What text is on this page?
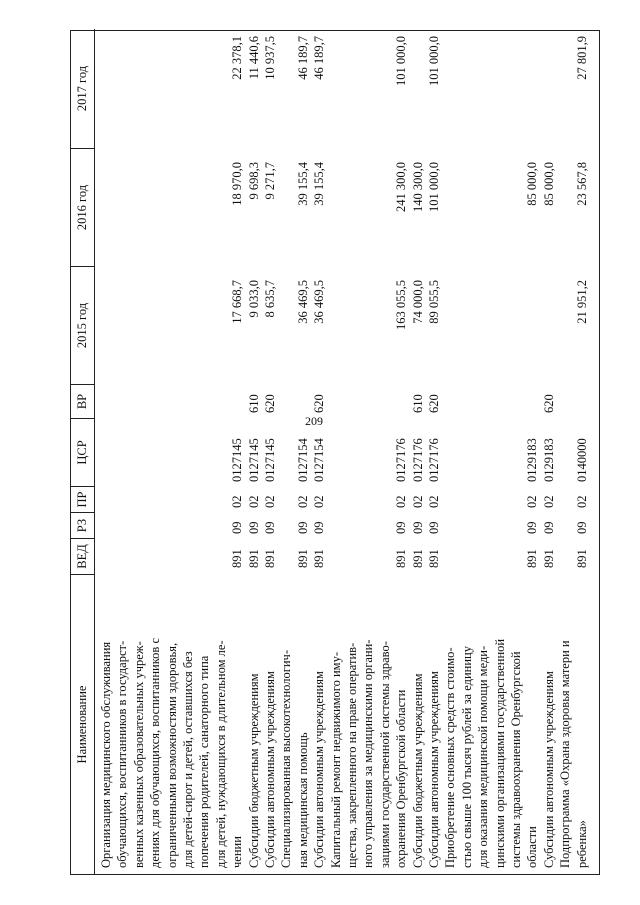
209
Наименование
ВЕД
РЗ
ПР
ЦСР
ВР
2015 год
2016 год
2017 год
Организация медицинского обслуживания обучающихся, воспитанников в государст- венных казенных образовательных учреж- дениях для обучающихся, воспитанников с ограниченными возможностями здоровья, для детей-сирот и детей, оставшихся без попечения родителей, санаторного типа для детей, нуждающихся в длительном ле- чении
891
09
02
0127145
17 668,7
18 970,0
22 378,1
Субсидии бюджетным учреждениям
891
09
02
0127145
610
9 033,0
9 698,3
11 440,6
Субсидии автономным учреждениям
891
09
02
0127145
620
8 635,7
9 271,7
10 937,5
Специализированная высокотехнологич- ная медицинская помощь
891
09
02
0127154
36 469,5
39 155,4
46 189,7
Субсидии автономным учреждениям
891
09
02
0127154
620
36 469,5
39 155,4
46 189,7
Капитальный ремонт недвижимого иму- щества, закрепленного на праве оператив- ного управления за медицинскими органи- зациями государственной системы здраво- охранения Оренбургской области
891
09
02
0127176
163 055,5
241 300,0
101 000,0
Субсидии бюджетным учреждениям
891
09
02
0127176
610
74 000,0
140 300,0
Субсидии автономным учреждениям
891
09
02
0127176
620
89 055,5
101 000,0
101 000,0
Приобретение основных средств стоимо- стью свыше 100 тысяч рублей за единицу для оказания медицинской помощи меди- цинскими организациями государственной системы здравоохранения Оренбургской области
891
09
02
0129183
85 000,0
Субсидии автономным учреждениям
891
09
02
0129183
620
85 000,0
Подпрограмма «Охрана здоровья матери и ребенка»
891
09
02
0140000
21 951,2
23 567,8
27 801,9
